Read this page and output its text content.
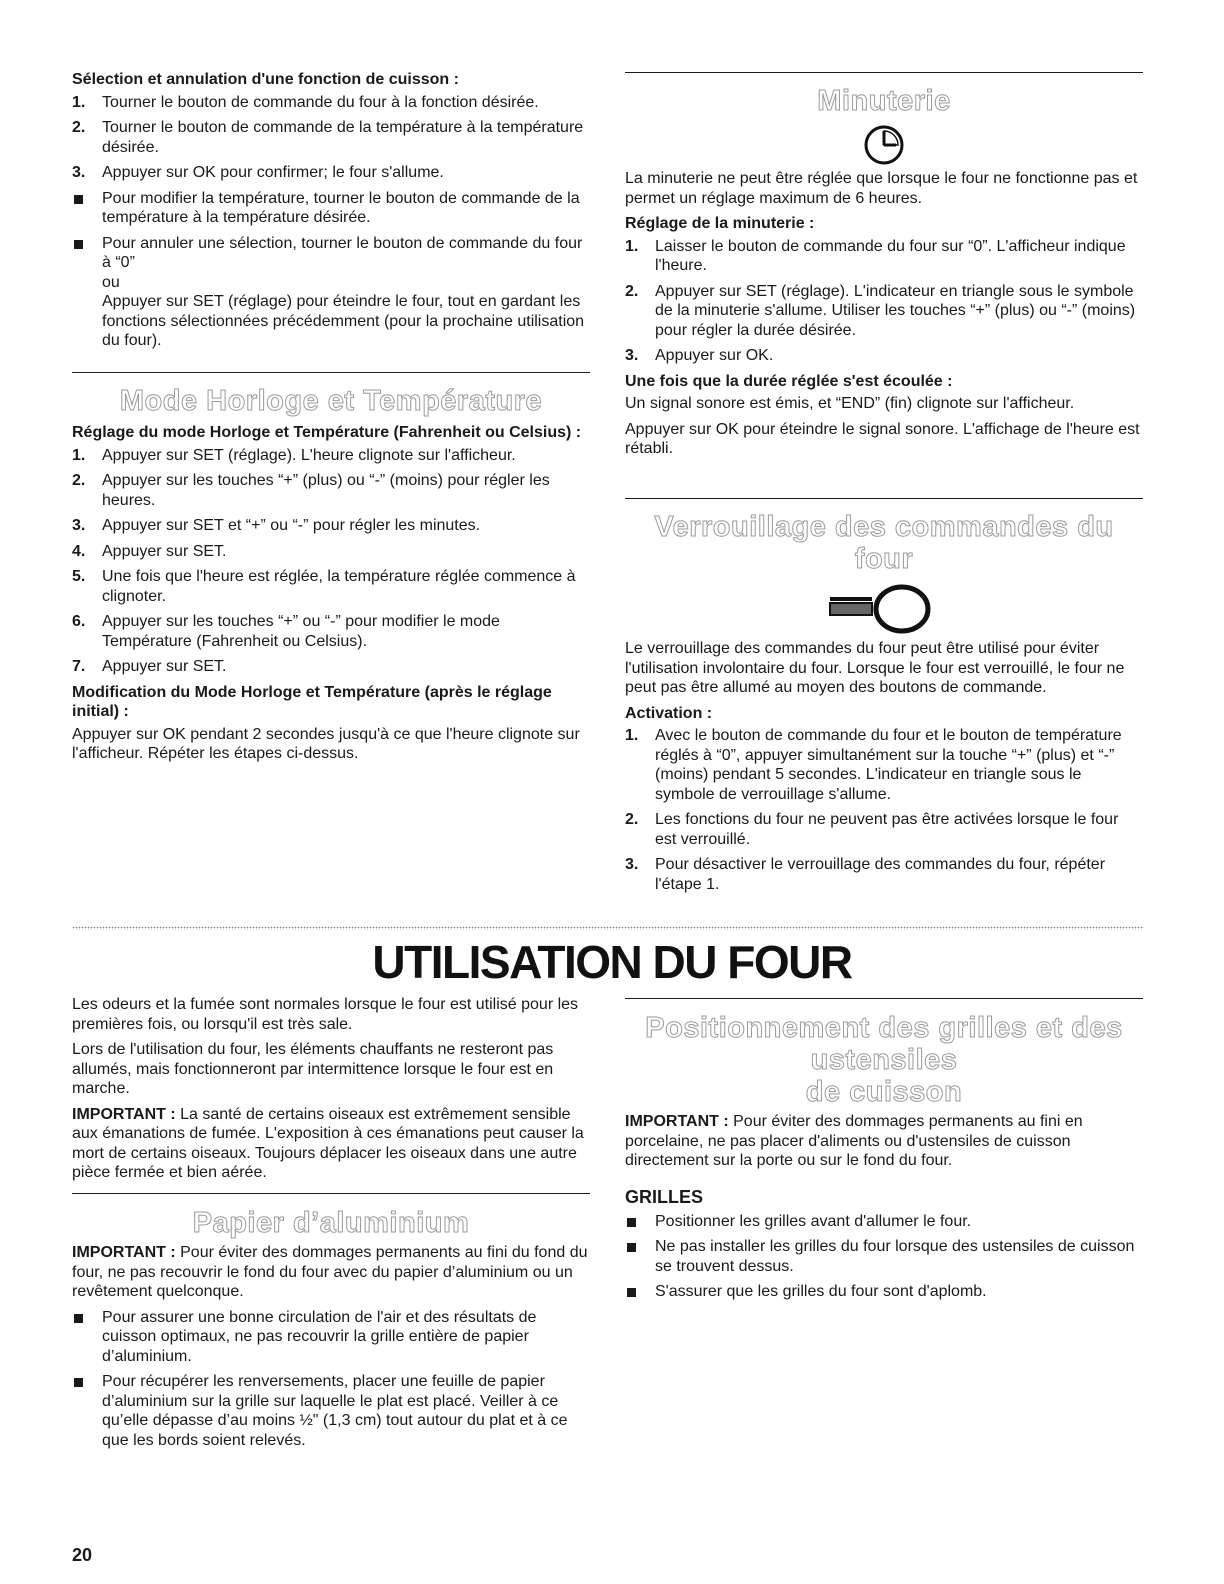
Sélection et annulation d'une fonction de cuisson :
1. Tourner le bouton de commande du four à la fonction désirée.
2. Tourner le bouton de commande de la température à la température désirée.
3. Appuyer sur OK pour confirmer; le four s'allume.
Pour modifier la température, tourner le bouton de commande de la température à la température désirée.
Pour annuler une sélection, tourner le bouton de commande du four à “0”
ou
Appuyer sur SET (réglage) pour éteindre le four, tout en gardant les fonctions sélectionnées précédemment (pour la prochaine utilisation du four).
Mode Horloge et Température
Réglage du mode Horloge et Température (Fahrenheit ou Celsius) :
1. Appuyer sur SET (réglage). L'heure clignote sur l'afficheur.
2. Appuyer sur les touches “+” (plus) ou “-” (moins) pour régler les heures.
3. Appuyer sur SET et “+” ou “-” pour régler les minutes.
4. Appuyer sur SET.
5. Une fois que l'heure est réglée, la température réglée commence à clignoter.
6. Appuyer sur les touches “+” ou “-” pour modifier le mode Température (Fahrenheit ou Celsius).
7. Appuyer sur SET.
Modification du Mode Horloge et Température (après le réglage initial) :
Appuyer sur OK pendant 2 secondes jusqu'à ce que l'heure clignote sur l'afficheur. Répéter les étapes ci-dessus.
Minuterie
La minuterie ne peut être réglée que lorsque le four ne fonctionne pas et permet un réglage maximum de 6 heures.
Réglage de la minuterie :
1. Laisser le bouton de commande du four sur “0”. L'afficheur indique l'heure.
2. Appuyer sur SET (réglage). L'indicateur en triangle sous le symbole de la minuterie s'allume. Utiliser les touches “+” (plus) ou “-” (moins) pour régler la durée désirée.
3. Appuyer sur OK.
Une fois que la durée réglée s'est écoulée :
Un signal sonore est émis, et “END” (fin) clignote sur l'afficheur.
Appuyer sur OK pour éteindre le signal sonore. L'affichage de l'heure est rétabli.
Verrouillage des commandes du four
Le verrouillage des commandes du four peut être utilisé pour éviter l'utilisation involontaire du four. Lorsque le four est verrouillé, le four ne peut pas être allumé au moyen des boutons de commande.
Activation :
1. Avec le bouton de commande du four et le bouton de température réglés à “0”, appuyer simultanément sur la touche “+” (plus) et “-” (moins) pendant 5 secondes. L'indicateur en triangle sous le symbole de verrouillage s'allume.
2. Les fonctions du four ne peuvent pas être activées lorsque le four est verrouillé.
3. Pour désactiver le verrouillage des commandes du four, répéter l'étape 1.
UTILISATION DU FOUR
Les odeurs et la fumée sont normales lorsque le four est utilisé pour les premières fois, ou lorsqu'il est très sale.
Lors de l'utilisation du four, les éléments chauffants ne resteront pas allumés, mais fonctionneront par intermittence lorsque le four est en marche.
IMPORTANT : La santé de certains oiseaux est extrêmement sensible aux émanations de fumée. L'exposition à ces émanations peut causer la mort de certains oiseaux. Toujours déplacer les oiseaux dans une autre pièce fermée et bien aérée.
Papier d’aluminium
IMPORTANT : Pour éviter des dommages permanents au fini du fond du four, ne pas recouvrir le fond du four avec du papier d’aluminium ou un revêtement quelconque.
Pour assurer une bonne circulation de l'air et des résultats de cuisson optimaux, ne pas recouvrir la grille entière de papier d’aluminium.
Pour récupérer les renversements, placer une feuille de papier d’aluminium sur la grille sur laquelle le plat est placé. Veiller à ce qu’elle dépasse d’au moins ½" (1,3 cm) tout autour du plat et à ce que les bords soient relevés.
Positionnement des grilles et des ustensiles
de cuisson
IMPORTANT : Pour éviter des dommages permanents au fini en porcelaine, ne pas placer d'aliments ou d'ustensiles de cuisson directement sur la porte ou sur le fond du four.
GRILLES
Positionner les grilles avant d'allumer le four.
Ne pas installer les grilles du four lorsque des ustensiles de cuisson se trouvent dessus.
S'assurer que les grilles du four sont d'aplomb.
20
